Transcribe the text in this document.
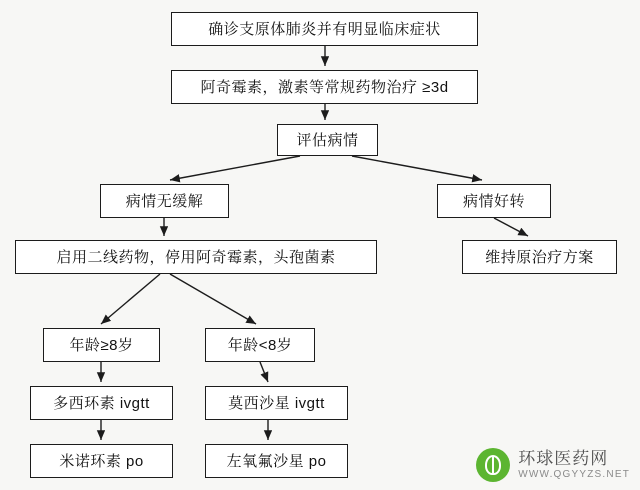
确诊支原体肺炎并有明显临床症状
阿奇霉素，激素等常规药物治疗 ≥3d
评估病情
病情无缓解	病情好转
启用二线药物，停用阿奇霉素，头孢菌素	维持原治疗方案
年龄≥8岁	年龄<8岁
多西环素 ivgtt	莫西沙星 ivgtt
米诺环素 po	左氧氟沙星 po	环球医药网
WWW.QGYYZS.NET
